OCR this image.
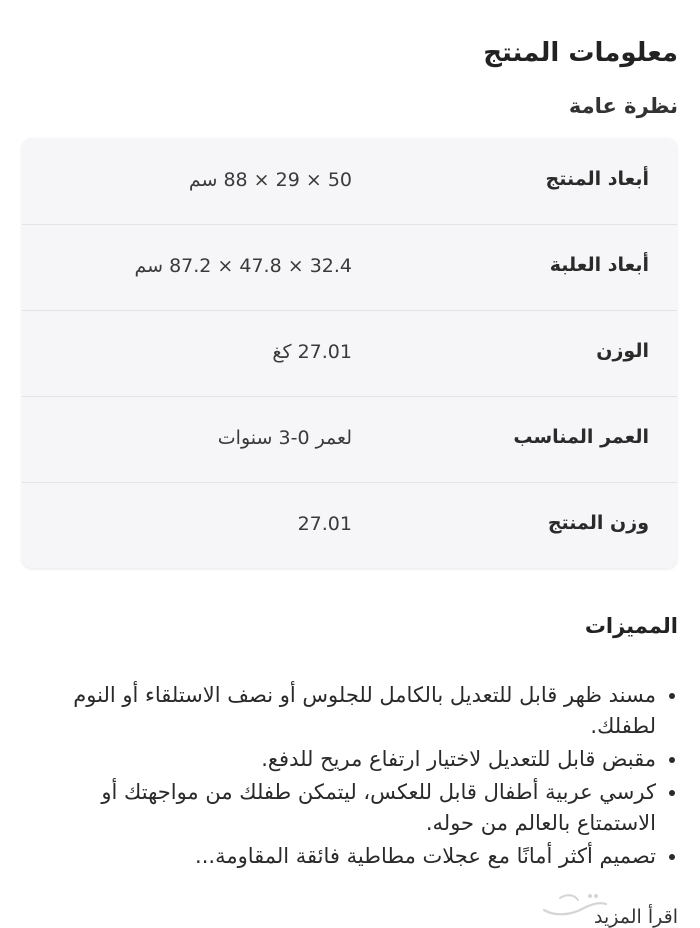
معلومات المنتج
نظرة عامة
أبعاد المنتج
50 × 29 × 88 سم
أبعاد العلبة
32.4 × 47.8 × 87.2 سم
الوزن
27.01 كغ
العمر المناسب
لعمر 0-3 سنوات
وزن المنتج
27.01
المميزات
• مسند ظهر قابل للتعديل بالكامل للجلوس أو نصف الاستلقاء أو النوم لطفلك.
• مقبض قابل للتعديل لاختيار ارتفاع مريح للدفع.
• كرسي عربية أطفال قابل للعكس، ليتمكن طفلك من مواجهتك أو الاستمتاع بالعالم من حوله.
• تصميم أكثر أمانًا مع عجلات مطاطية فائقة المقاومة...
اقرأ المزيد
